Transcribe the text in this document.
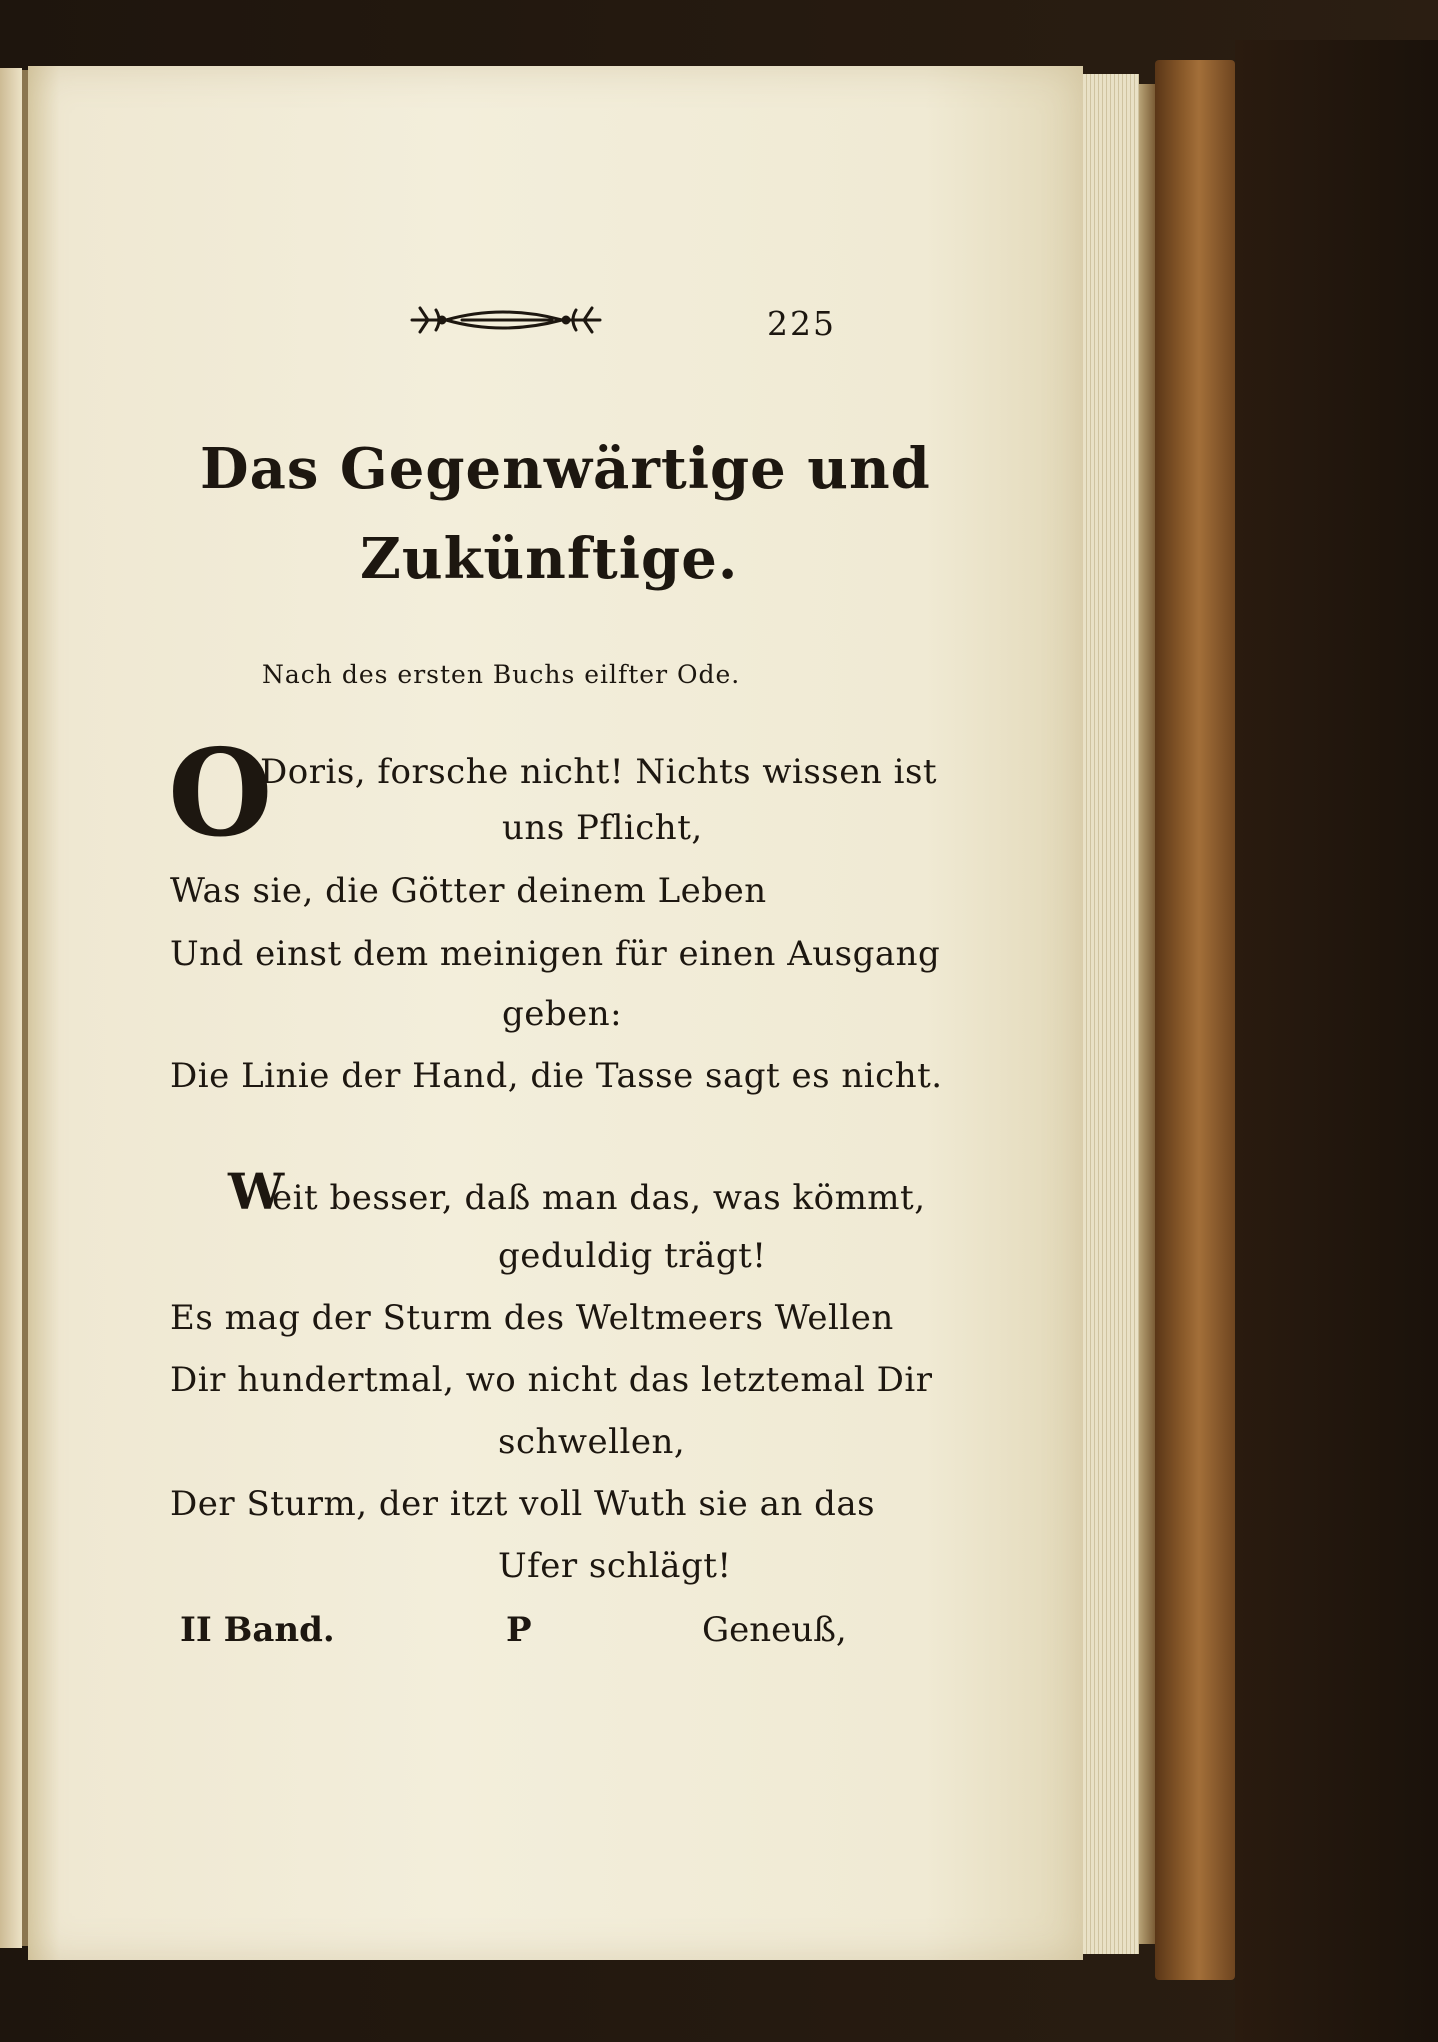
225
Das Gegenwärtige und
Zukünftige.
Nach des ersten Buchs eilfter Ode.
O
Doris, forsche nicht! Nichts wissen ist
uns Pflicht,
Was sie, die Götter deinem Leben
Und einst dem meinigen für einen Ausgang
geben:
Die Linie der Hand, die Tasse sagt es nicht.
W
eit besser, daß man das, was kömmt,
geduldig trägt!
Es mag der Sturm des Weltmeers Wellen
Dir hundertmal, wo nicht das letztemal Dir
schwellen,
Der Sturm, der itzt voll Wuth sie an das
Ufer schlägt!
II Band.	P	Geneuß,
